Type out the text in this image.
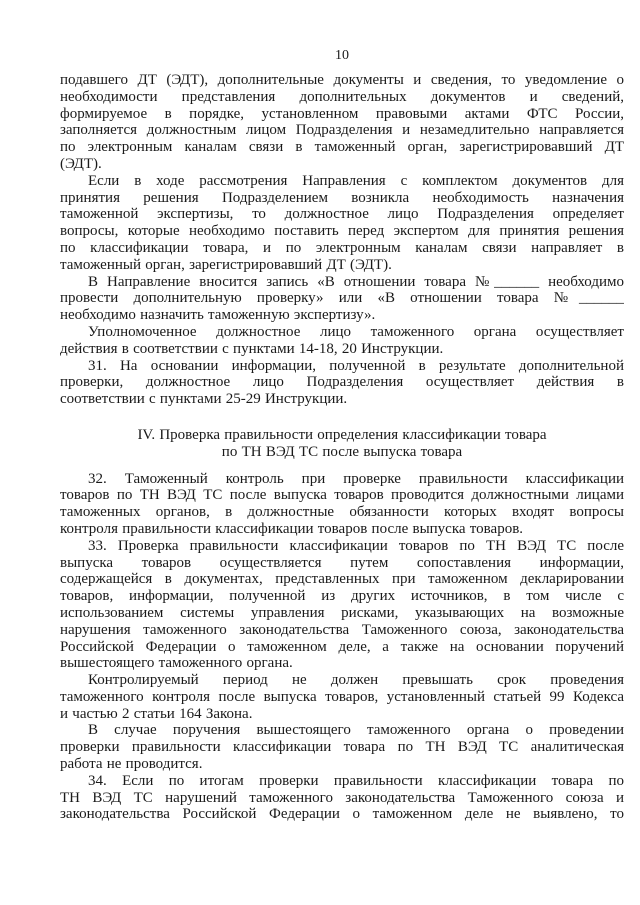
10
подавшего ДТ (ЭДТ), дополнительные документы и сведения, то уведомление о
необходимости представления дополнительных документов и сведений,
формируемое в порядке, установленном правовыми актами ФТС России,
заполняется должностным лицом Подразделения и незамедлительно направляется
по электронным каналам связи в таможенный орган, зарегистрировавший ДТ
(ЭДТ).
Если в ходе рассмотрения Направления с комплектом документов для
принятия решения Подразделением возникла необходимость назначения
таможенной экспертизы, то должностное лицо Подразделения определяет
вопросы, которые необходимо поставить перед экспертом для принятия решения
по классификации товара, и по электронным каналам связи направляет в
таможенный орган, зарегистрировавший ДТ (ЭДТ).
В Направление вносится запись «В отношении товара №______ необходимо
провести дополнительную проверку» или «В отношении товара №______
необходимо назначить таможенную экспертизу».
Уполномоченное должностное лицо таможенного органа осуществляет
действия в соответствии с пунктами 14-18, 20 Инструкции.
31. На основании информации, полученной в результате дополнительной
проверки, должностное лицо Подразделения осуществляет действия в
соответствии с пунктами 25-29 Инструкции.
IV. Проверка правильности определения классификации товара
по ТН ВЭД ТС после выпуска товара
32. Таможенный контроль при проверке правильности классификации
товаров по ТН ВЭД ТС после выпуска товаров проводится должностными лицами
таможенных органов, в должностные обязанности которых входят вопросы
контроля правильности классификации товаров после выпуска товаров.
33. Проверка правильности классификации товаров по ТН ВЭД ТС после
выпуска товаров осуществляется путем сопоставления информации,
содержащейся в документах, представленных при таможенном декларировании
товаров, информации, полученной из других источников, в том числе с
использованием системы управления рисками, указывающих на возможные
нарушения таможенного законодательства Таможенного союза, законодательства
Российской Федерации о таможенном деле, а также на основании поручений
вышестоящего таможенного органа.
Контролируемый период не должен превышать срок проведения
таможенного контроля после выпуска товаров, установленный статьей 99 Кодекса
и частью 2 статьи 164 Закона.
В случае поручения вышестоящего таможенного органа о проведении
проверки правильности классификации товара по ТН ВЭД ТС аналитическая
работа не проводится.
34. Если по итогам проверки правильности классификации товара по
ТН ВЭД ТС нарушений таможенного законодательства Таможенного союза и
законодательства Российской Федерации о таможенном деле не выявлено, то
